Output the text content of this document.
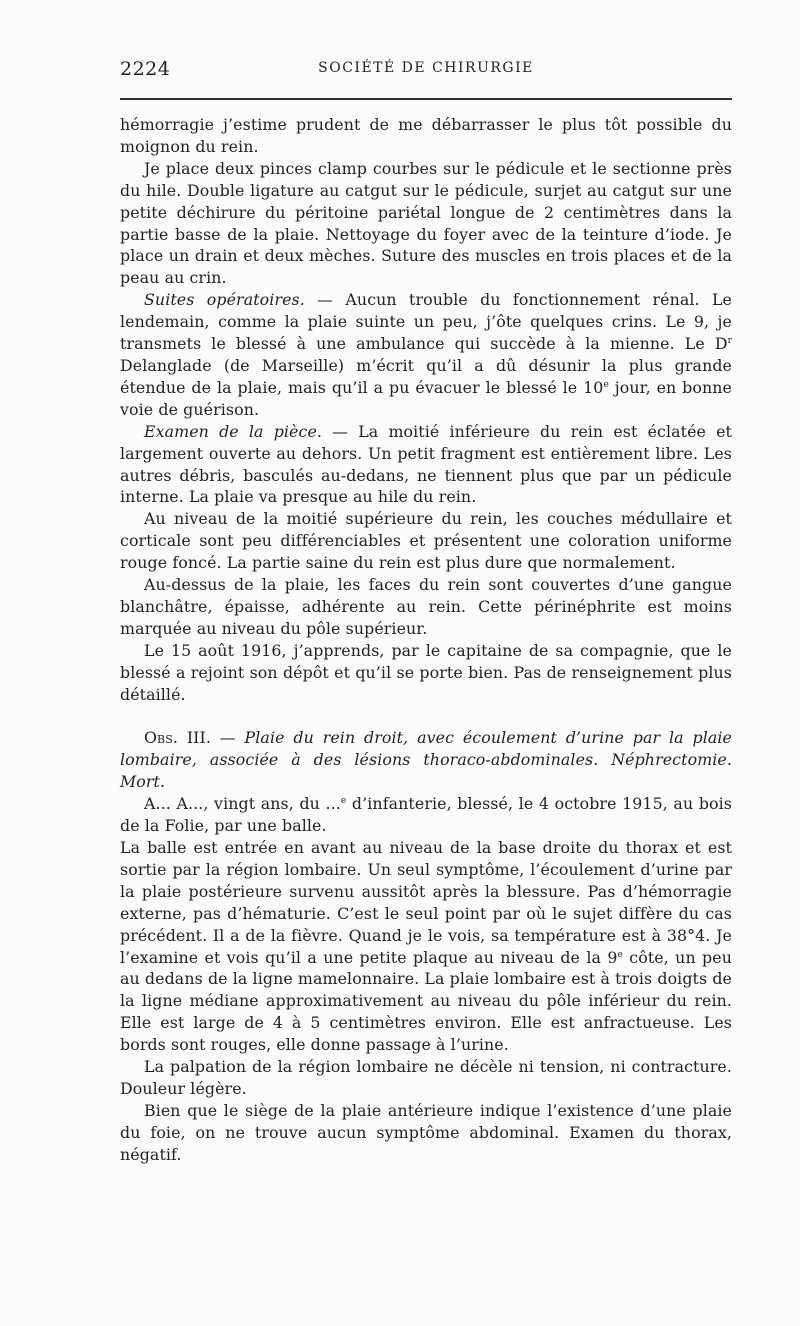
2224	SOCIÉTÉ DE CHIRURGIE

hémorragie j’estime prudent de me débarrasser le plus tôt possible du moignon du rein.

Je place deux pinces clamp courbes sur le pédicule et le sectionne près du hile. Double ligature au catgut sur le pédicule, surjet au catgut sur une petite déchirure du péritoine pariétal longue de 2 centimètres dans la partie basse de la plaie. Nettoyage du foyer avec de la teinture d’iode. Je place un drain et deux mèches. Suture des muscles en trois places et de la peau au crin.

Suites opératoires. — Aucun trouble du fonctionnement rénal. Le lendemain, comme la plaie suinte un peu, j’ôte quelques crins. Le 9, je transmets le blessé à une ambulance qui succède à la mienne. Le $D^r$ Delanglade (de Marseille) m’écrit qu’il a dû désunir la plus grande étendue de la plaie, mais qu’il a pu évacuer le blessé le 10e jour, en bonne voie de guérison.

Examen de la pièce. — La moitié inférieure du rein est éclatée et largement ouverte au dehors. Un petit fragment est entièrement libre. Les autres débris, basculés au-dedans, ne tiennent plus que par un pédicule interne. La plaie va presque au hile du rein.

Au niveau de la moitié supérieure du rein, les couches médullaire et corticale sont peu différenciables et présentent une coloration uniforme rouge foncé. La partie saine du rein est plus dure que normalement.

Au-dessus de la plaie, les faces du rein sont couvertes d’une gangue blanchâtre, épaisse, adhérente au rein. Cette périnéphrite est moins marquée au niveau du pôle supérieur.

Le 15 août 1916, j’apprends, par le capitaine de sa compagnie, que le blessé a rejoint son dépôt et qu’il se porte bien. Pas de renseignement plus détaillé.

Obs. III. — Plaie du rein droit, avec écoulement d’urine par la plaie lombaire, associée à des lésions thoraco-abdominales. Néphrectomie. Mort.

A... A..., vingt ans, du ...$^e$ d’infanterie, blessé, le 4 octobre 1915, au bois de la Folie, par une balle.

La balle est entrée en avant au niveau de la base droite du thorax et est sortie par la région lombaire. Un seul symptôme, l’écoulement d’urine par la plaie postérieure survenu aussitôt après la blessure. Pas d’hémorragie externe, pas d’hématurie. C’est le seul point par où le sujet diffère du cas précédent. Il a de la fièvre. Quand je le vois, sa température est à 38°4. Je l’examine et vois qu’il a une petite plaque au niveau de la 9e côte, un peu au dedans de la ligne mamelonnaire. La plaie lombaire est à trois doigts de la ligne médiane approximativement au niveau du pôle inférieur du rein. Elle est large de 4 à 5 centimètres environ. Elle est anfractueuse. Les bords sont rouges, elle donne passage à l’urine.

La palpation de la région lombaire ne décèle ni tension, ni contracture. Douleur légère.

Bien que le siège de la plaie antérieure indique l’existence d’une plaie du foie, on ne trouve aucun symptôme abdominal. Examen du thorax, négatif.
